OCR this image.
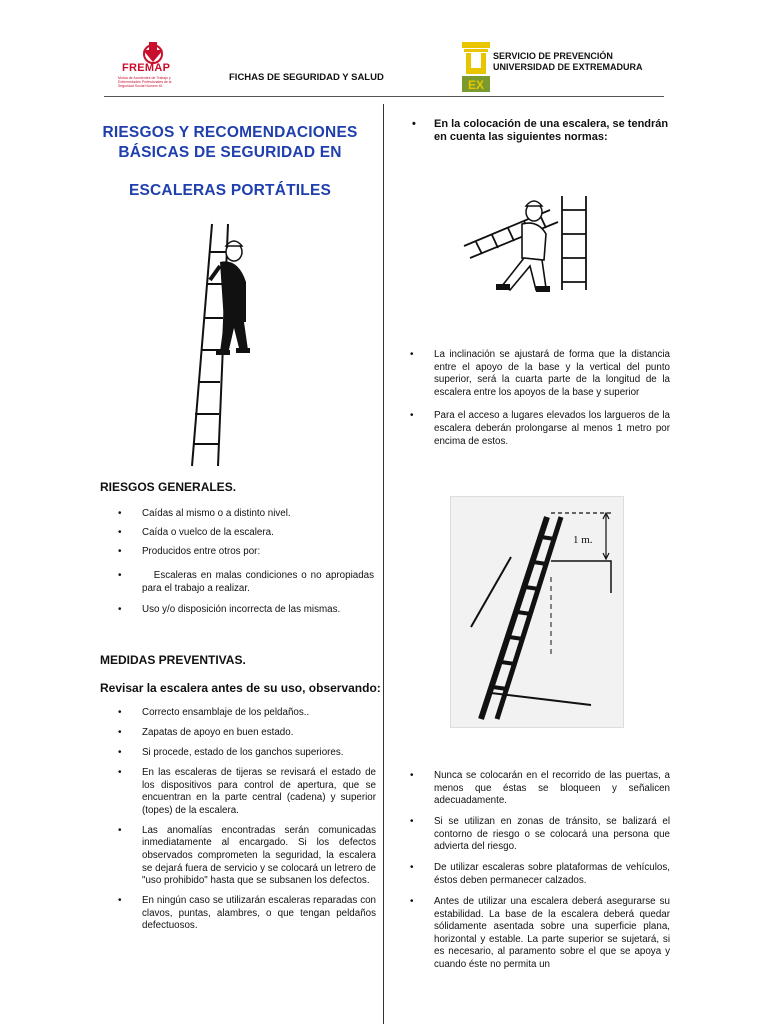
FREMAP
Mutua de Accidentes de Trabajo y Enfermedades Profesionales de la Seguridad Social Número 61
FICHAS DE SEGURIDAD Y SALUD
EX
SERVICIO DE PREVENCIÓN
UNIVERSIDAD DE EXTREMADURA
RIESGOS Y RECOMENDACIONES
BÁSICAS DE SEGURIDAD EN
ESCALERAS PORTÁTILES
RIESGOS GENERALES.
• Caídas al mismo o a distinto nivel.
• Caída o vuelco de la escalera.
• Producidos entre otros por:
•    Escaleras en malas condiciones o no apropiadas para el trabajo a realizar.
• Uso y/o disposición incorrecta de las mismas.
MEDIDAS PREVENTIVAS.
Revisar la escalera antes de su uso, observando:
• Correcto ensamblaje de los peldaños..
• Zapatas de apoyo en buen estado.
• Si procede, estado de los ganchos superiores.
• En las escaleras de tijeras se revisará el estado de los dispositivos para control de apertura, que se encuentran en la parte central (cadena) y superior (topes) de la escalera.
• Las anomalías encontradas serán comunicadas inmediatamente al encargado. Si los defectos observados comprometen la seguridad, la escalera se dejará fuera de servicio y se colocará un letrero de "uso prohibido" hasta que se subsanen los defectos.
• En ningún caso se utilizarán escaleras reparadas con clavos, puntas, alambres, o que tengan peldaños defectuosos.
• En la colocación de una escalera, se tendrán en cuenta las siguientes normas:
• La inclinación se ajustará de forma que la distancia entre el apoyo de la base y la vertical del punto superior, será la cuarta parte de la longitud de la escalera entre los apoyos de la base y superior
• Para el acceso a lugares elevados los largueros de la escalera deberán prolongarse al menos 1 metro por encima de estos.
1 m.
• Nunca se colocarán en el recorrido de las puertas, a menos que éstas se bloqueen y señalicen adecuadamente.
• Si se utilizan en zonas de tránsito, se balizará el contorno de riesgo o se colocará una persona que advierta del riesgo.
• De utilizar escaleras sobre plataformas de vehículos, éstos deben permanecer calzados.
• Antes de utilizar una escalera deberá asegurarse su estabilidad. La base de la escalera deberá quedar sólidamente asentada sobre una superficie plana, horizontal y estable. La parte superior se sujetará, si es necesario, al paramento sobre el que se apoya y cuando éste no permita un
